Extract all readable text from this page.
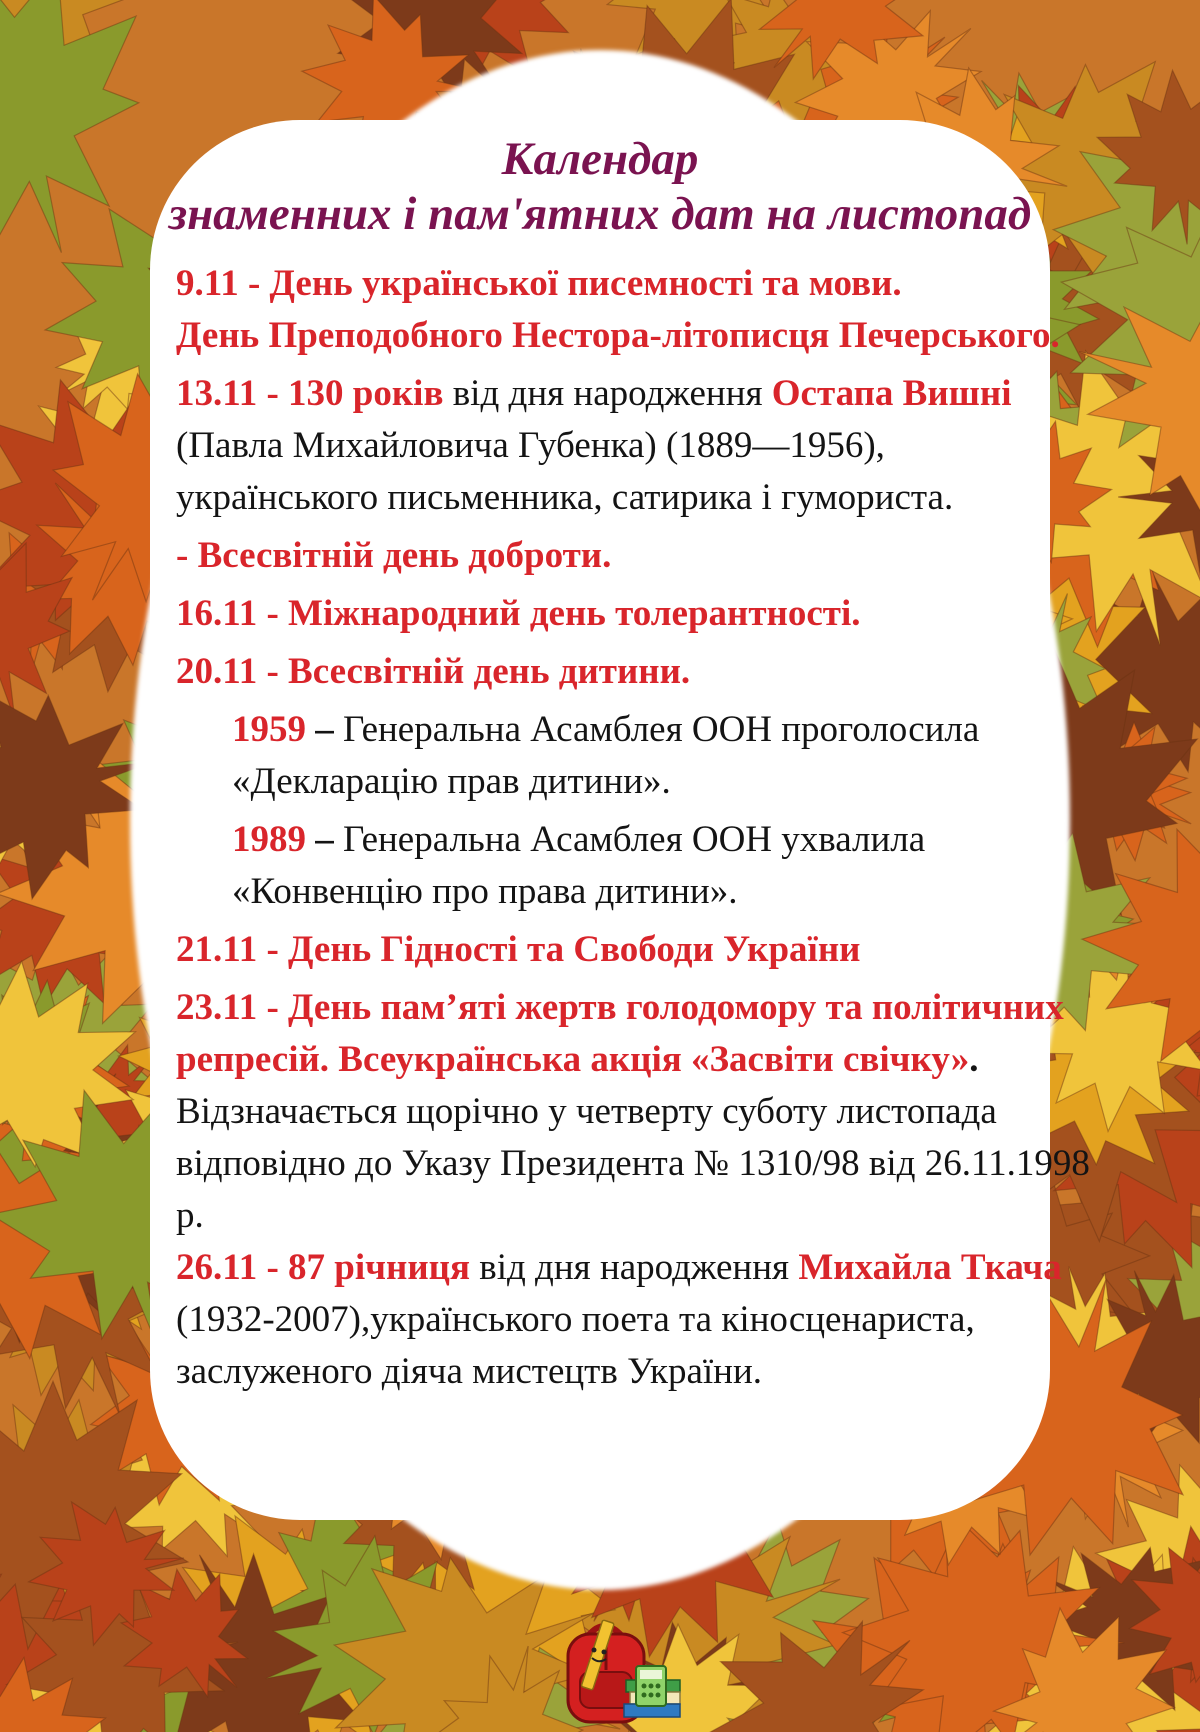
Календар
знаменних і пам'ятних дат на листопад

9.11 - День української писемності та мови.
День Преподобного Нестора-літописця Печерського.

13.11 - 130 років від дня народження Остапа Вишні (Павла Михайловича Губенка) (1889—1956), українського письменника, сатирика і гумориста.

- Всесвітній день доброти.

16.11 - Міжнародний день толерантності.

20.11 - Всесвітній день дитини.

1959 – Генеральна Асамблея ООН проголосила «Декларацію прав дитини».

1989 – Генеральна Асамблея ООН ухвалила «Конвенцію про права дитини».

21.11 - День Гідності та Свободи України

23.11 - День пам’яті жертв голодомору та політичних репресій. Всеукраїнська акція «Засвіти свічку». Відзначається щорічно у четверту суботу листопада відповідно до Указу Президента № 1310/98 від 26.11.1998 р.

26.11 - 87 річниця від дня народження Михайла Ткача (1932-2007),українського поета та кіносценариста, заслуженого діяча мистецтв України.
